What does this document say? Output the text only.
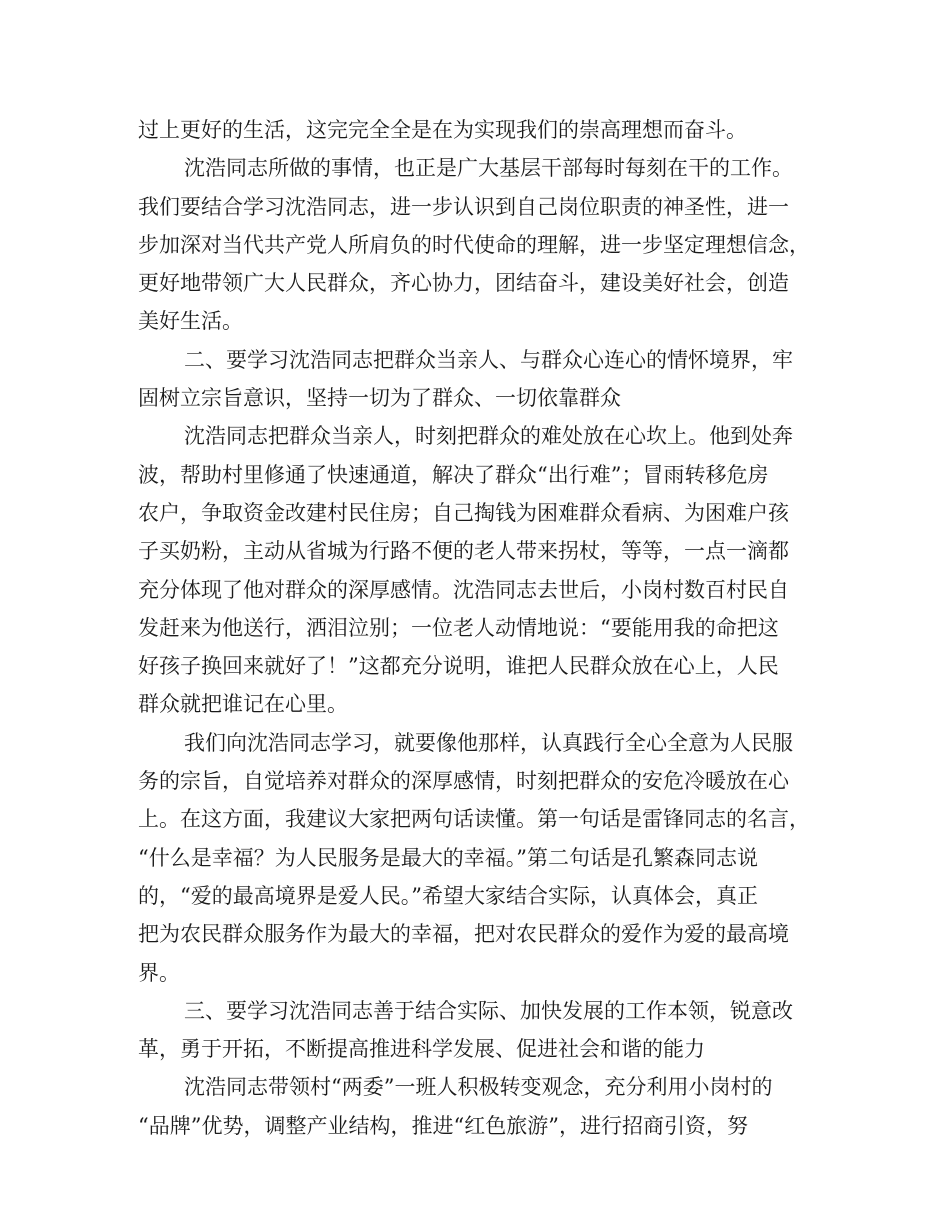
过上更好的生活，这完完全全是在为实现我们的崇高理想而奋斗。
沈浩同志所做的事情，也正是广大基层干部每时每刻在干的工作。
我们要结合学习沈浩同志，进一步认识到自己岗位职责的神圣性，进一
步加深对当代共产党人所肩负的时代使命的理解，进一步坚定理想信念，
更好地带领广大人民群众，齐心协力，团结奋斗，建设美好社会，创造
美好生活。
二、要学习沈浩同志把群众当亲人、与群众心连心的情怀境界，牢
固树立宗旨意识，坚持一切为了群众、一切依靠群众
沈浩同志把群众当亲人，时刻把群众的难处放在心坎上。他到处奔
波，帮助村里修通了快速通道，解决了群众“出行难”；冒雨转移危房
农户，争取资金改建村民住房；自己掏钱为困难群众看病、为困难户孩
子买奶粉，主动从省城为行路不便的老人带来拐杖，等等，一点一滴都
充分体现了他对群众的深厚感情。沈浩同志去世后，小岗村数百村民自
发赶来为他送行，洒泪泣别；一位老人动情地说：“要能用我的命把这
好孩子换回来就好了！”这都充分说明，谁把人民群众放在心上，人民
群众就把谁记在心里。
我们向沈浩同志学习，就要像他那样，认真践行全心全意为人民服
务的宗旨，自觉培养对群众的深厚感情，时刻把群众的安危冷暖放在心
上。在这方面，我建议大家把两句话读懂。第一句话是雷锋同志的名言，
“什么是幸福？为人民服务是最大的幸福。”第二句话是孔繁森同志说
的，“爱的最高境界是爱人民。”希望大家结合实际，认真体会，真正
把为农民群众服务作为最大的幸福，把对农民群众的爱作为爱的最高境
界。
三、要学习沈浩同志善于结合实际、加快发展的工作本领，锐意改
革，勇于开拓，不断提高推进科学发展、促进社会和谐的能力
沈浩同志带领村“两委”一班人积极转变观念，充分利用小岗村的
“品牌”优势，调整产业结构，推进“红色旅游”，进行招商引资，努
